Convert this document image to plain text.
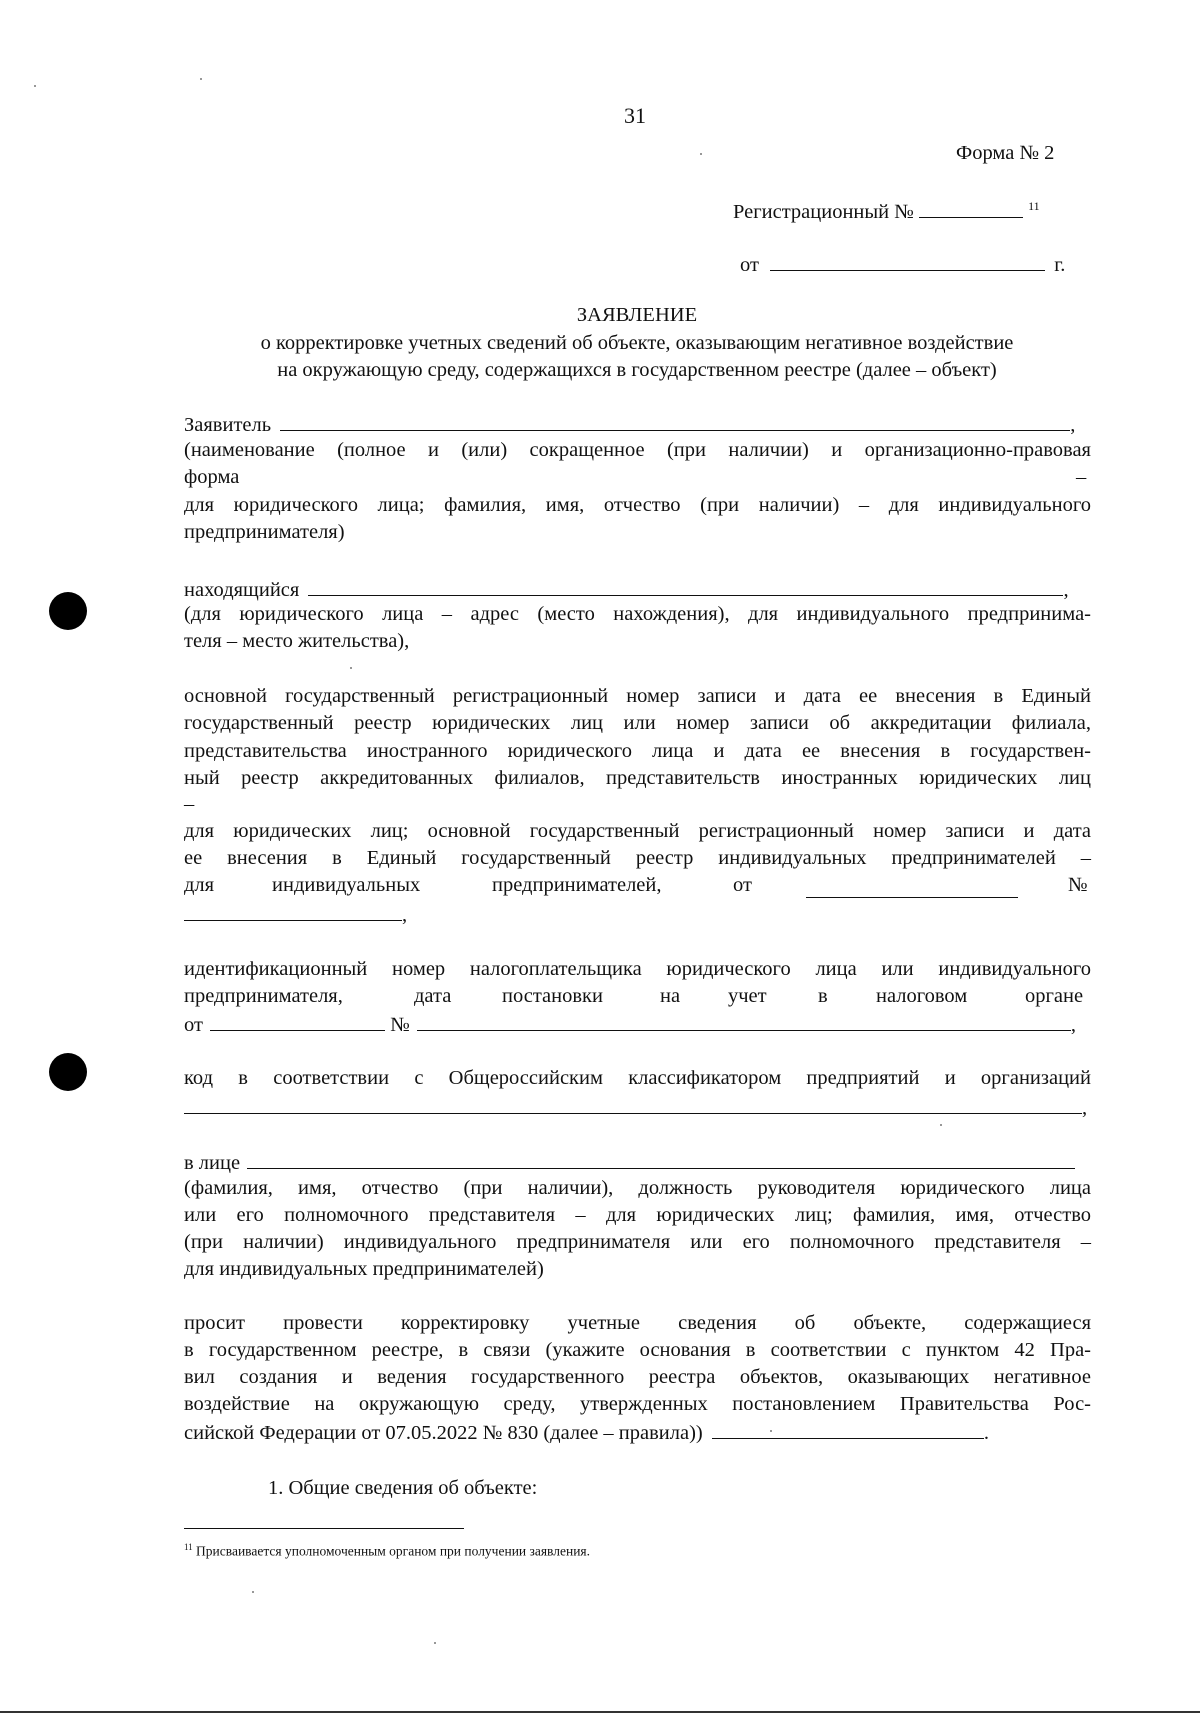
31
Форма № 2
Регистрационный №	$^{11}$
от	г.
ЗАЯВЛЕНИЕ
о корректировке учетных сведений об объекте, оказывающим негативное воздействие
на окружающую среду, содержащихся в государственном реестре (далее – объект)
Заявитель	,
(наименование (полное и (или) сокращенное (при наличии) и организационно-правовая
форма	–
для юридического лица; фамилия, имя, отчество (при наличии) – для индивидуального
предпринимателя)
находящийся	,
(для юридического лица – адрес (место нахождения), для индивидуального предпринима-
теля – место жительства),
основной государственный регистрационный номер записи и дата ее внесения в Единый
государственный реестр юридических лиц или номер записи об аккредитации филиала,
представительства иностранного юридического лица и дата ее внесения в государствен-
ный реестр аккредитованных филиалов, представительств иностранных юридических лиц
–
для юридических лиц; основной государственный регистрационный номер записи и дата
ее внесения в Единый государственный реестр индивидуальных предпринимателей –
для	индивидуальных	предпринимателей,	от	№
,
идентификационный номер налогоплательщика юридического лица или индивидуального
предпринимателя,	дата постановки	на учет	в налоговом	органе
от	№	,
код в соответствии с Общероссийским классификатором предприятий и организаций
,
в лице
(фамилия, имя, отчество (при наличии), должность руководителя юридического лица
или его полномочного представителя – для юридических лиц; фамилия, имя, отчество
(при наличии) индивидуального предпринимателя или его полномочного представителя –
для индивидуальных предпринимателей)
просит провести корректировку учетные сведения об объекте, содержащиеся
в государственном реестре, в связи (укажите основания в соответствии с пунктом 42 Пра-
вил создания и ведения государственного реестра объектов, оказывающих негативное
воздействие на окружающую среду, утвержденных постановлением Правительства Рос-
сийской Федерации от 07.05.2022 № 830 (далее – правила))	.
1. Общие сведения об объекте:
$^{11}$ Присваивается уполномоченным органом при получении заявления.
